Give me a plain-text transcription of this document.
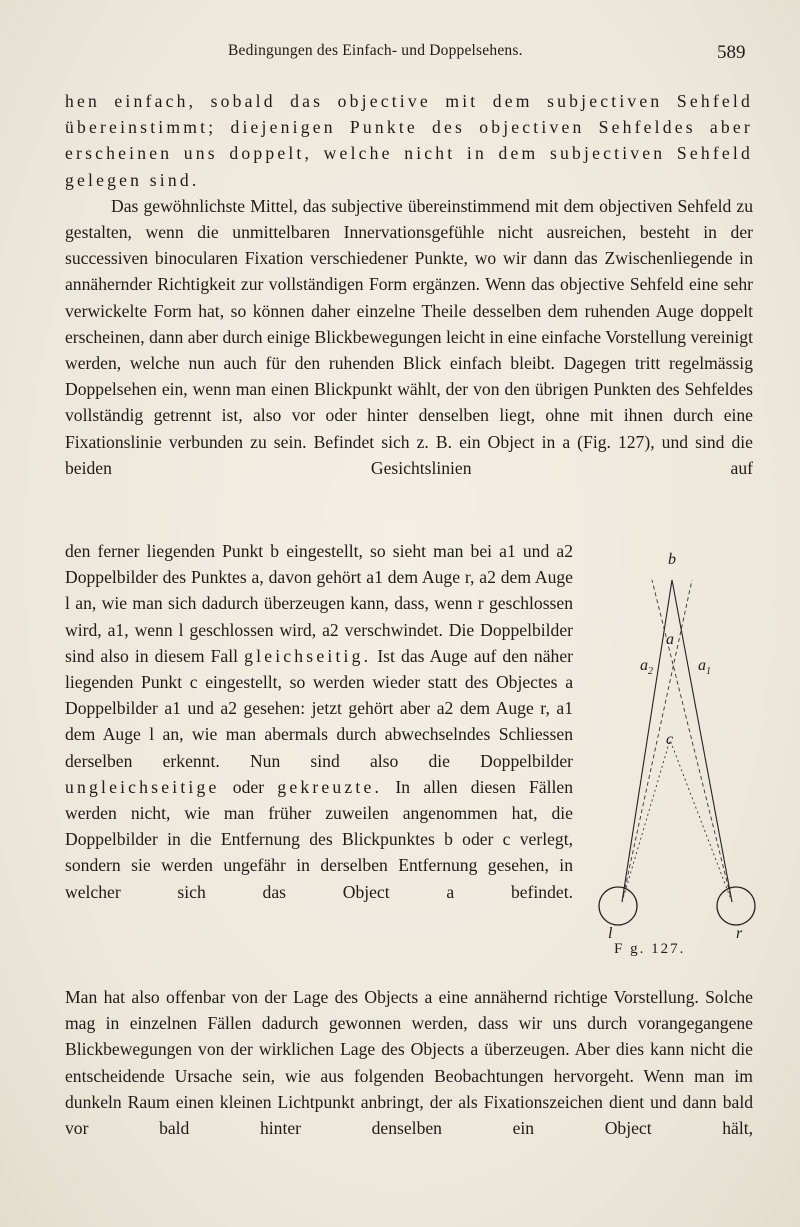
Bedingungen des Einfach- und Doppelsehens.	589

hen einfach, sobald das objective mit dem subjectiven Sehfeld übereinstimmt; diejenigen Punkte des objectiven Sehfeldes aber erscheinen uns doppelt, welche nicht in dem subjectiven Sehfeld gelegen sind.

Das gewöhnlichste Mittel, das subjective übereinstimmend mit dem objectiven Sehfeld zu gestalten, wenn die unmittelbaren Innervationsgefühle nicht ausreichen, besteht in der successiven binocularen Fixation verschiedener Punkte, wo wir dann das Zwischenliegende in annähernder Richtigkeit zur vollständigen Form ergänzen. Wenn das objective Sehfeld eine sehr verwickelte Form hat, so können daher einzelne Theile desselben dem ruhenden Auge doppelt erscheinen, dann aber durch einige Blickbewegungen leicht in eine einfache Vorstellung vereinigt werden, welche nun auch für den ruhenden Blick einfach bleibt. Dagegen tritt regelmässig Doppelsehen ein, wenn man einen Blickpunkt wählt, der von den übrigen Punkten des Sehfeldes vollständig getrennt ist, also vor oder hinter denselben liegt, ohne mit ihnen durch eine Fixationslinie verbunden zu sein. Befindet sich z. B. ein Object in a (Fig. 127), und sind die beiden Gesichtslinien auf

den ferner liegenden Punkt b eingestellt, so sieht man bei a1 und a2 Doppelbilder des Punktes a, davon gehört a1 dem Auge r, a2 dem Auge l an, wie man sich dadurch überzeugen kann, dass, wenn r geschlossen wird, a1, wenn l geschlossen wird, a2 verschwindet. Die Doppelbilder sind also in diesem Fall gleichseitig. Ist das Auge auf den näher liegenden Punkt c eingestellt, so werden wieder statt des Objectes a Doppelbilder a1 und a2 gesehen: jetzt gehört aber a2 dem Auge r, a1 dem Auge l an, wie man abermals durch abwechselndes Schliessen derselben erkennt. Nun sind also die Doppelbilder ungleichseitige oder gekreuzte. In allen diesen Fällen werden nicht, wie man früher zuweilen angenommen hat, die Doppelbilder in die Entfernung des Blickpunktes b oder c verlegt, sondern sie werden ungefähr in derselben Entfernung gesehen, in welcher sich das Object a befindet.

b
a
$a_2$	$a_1$
c
l	r
F g. 127.

Man hat also offenbar von der Lage des Objects a eine annähernd richtige Vorstellung. Solche mag in einzelnen Fällen dadurch gewonnen werden, dass wir uns durch vorangegangene Blickbewegungen von der wirklichen Lage des Objects a überzeugen. Aber dies kann nicht die entscheidende Ursache sein, wie aus folgenden Beobachtungen hervorgeht. Wenn man im dunkeln Raum einen kleinen Lichtpunkt anbringt, der als Fixationszeichen dient und dann bald vor bald hinter denselben ein Object hält,
